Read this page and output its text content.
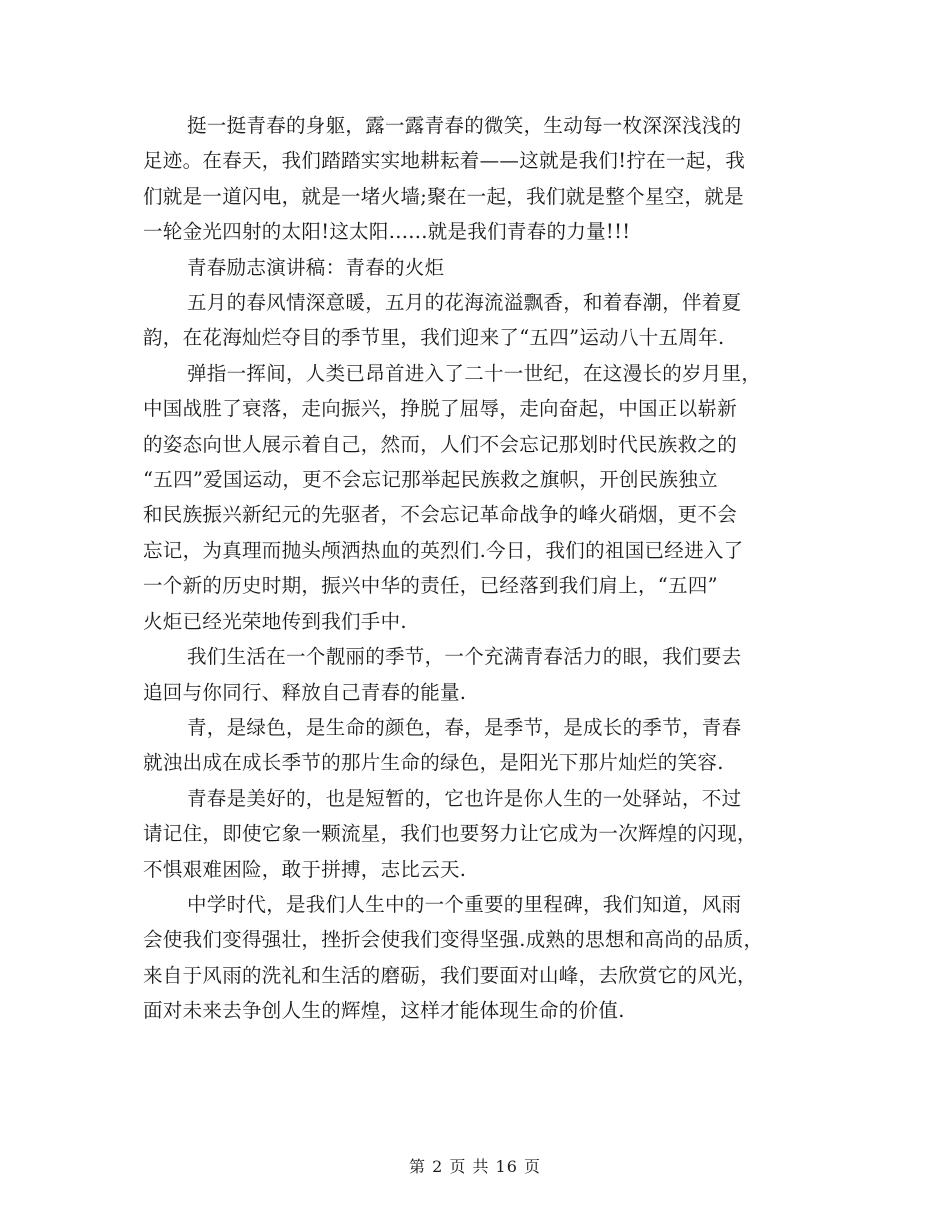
挺一挺青春的身躯，露一露青春的微笑，生动每一枚深深浅浅的
足迹。在春天，我们踏踏实实地耕耘着——这就是我们!拧在一起，我
们就是一道闪电，就是一堵火墙;聚在一起，我们就是整个星空，就是
一轮金光四射的太阳!这太阳......就是我们青春的力量!!!
青春励志演讲稿：青春的火炬
五月的春风情深意暖，五月的花海流溢飘香，和着春潮，伴着夏
韵，在花海灿烂夺目的季节里，我们迎来了“五四”运动八十五周年.
弹指一挥间，人类已昂首进入了二十一世纪，在这漫长的岁月里，
中国战胜了衰落，走向振兴，挣脱了屈辱，走向奋起，中国正以崭新
的姿态向世人展示着自己，然而，人们不会忘记那划时代民族救之的
“五四”爱国运动，更不会忘记那举起民族救之旗帜，开创民族独立
和民族振兴新纪元的先驱者，不会忘记革命战争的峰火硝烟，更不会
忘记，为真理而抛头颅洒热血的英烈们.今日，我们的祖国已经进入了
一个新的历史时期，振兴中华的责任，已经落到我们肩上，“五四”
火炬已经光荣地传到我们手中.
我们生活在一个靓丽的季节，一个充满青春活力的眼，我们要去
追回与你同行、释放自己青春的能量.
青，是绿色，是生命的颜色，春，是季节，是成长的季节，青春
就浊出成在成长季节的那片生命的绿色，是阳光下那片灿烂的笑容.
青春是美好的，也是短暂的，它也许是你人生的一处驿站，不过
请记住，即使它象一颗流星，我们也要努力让它成为一次辉煌的闪现，
不惧艰难困险，敢于拼搏，志比云天.
中学时代，是我们人生中的一个重要的里程碑，我们知道，风雨
会使我们变得强壮，挫折会使我们变得坚强.成熟的思想和高尚的品质，
来自于风雨的洗礼和生活的磨砺，我们要面对山峰，去欣赏它的风光，
面对未来去争创人生的辉煌，这样才能体现生命的价值.
第 2 页 共 16 页
